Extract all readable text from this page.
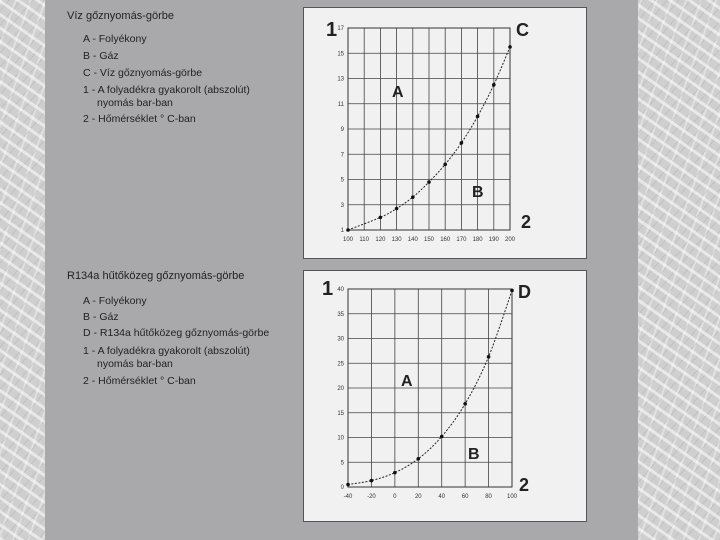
Víz gőznyomás-görbe
A - Folyékony
B - Gáz
C - Víz gőznyomás-görbe
1 - A folyadékra gyakorolt (abszolút)
nyomás bar-ban
2 - Hőmérséklet ° C-ban
100 110 120 130 140 150 160 170 180 190 200
1
3
5
7
9
11
13
15
17
1	C
2
A
B
R134a hűtőközeg gőznyomás-görbe
A - Folyékony
B - Gáz
D - R134a hűtőközeg gőznyomás-görbe
1 - A folyadékra gyakorolt (abszolút)
nyomás bar-ban
2 - Hőmérséklet ° C-ban
-40 -20	0	20	40	60	80	100
0
5
10
15
20
25
30
35
40
1	D
2
A
B
